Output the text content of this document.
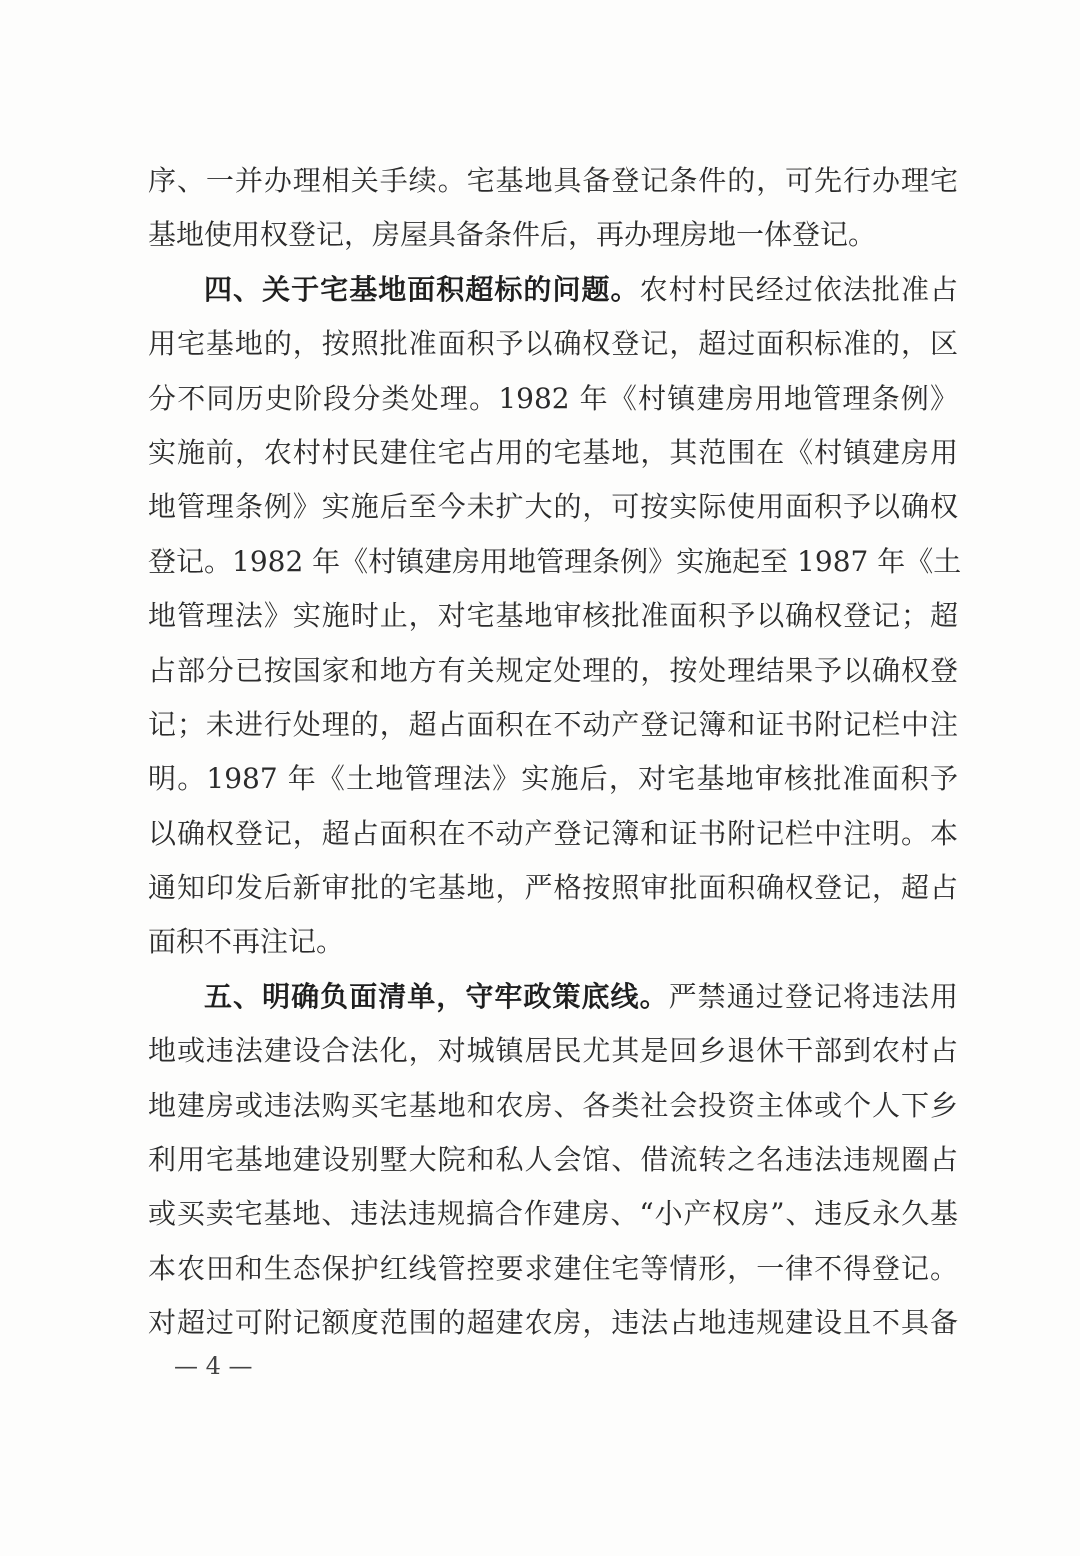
序、一并办理相关手续。宅基地具备登记条件的，可先行办理宅
基地使用权登记，房屋具备条件后，再办理房地一体登记。
四、关于宅基地面积超标的问题。农村村民经过依法批准占
用宅基地的，按照批准面积予以确权登记，超过面积标准的，区
分不同历史阶段分类处理。1982 年《村镇建房用地管理条例》
实施前，农村村民建住宅占用的宅基地，其范围在《村镇建房用
地管理条例》实施后至今未扩大的，可按实际使用面积予以确权
登记。1982 年《村镇建房用地管理条例》实施起至 1987 年《土
地管理法》实施时止，对宅基地审核批准面积予以确权登记；超
占部分已按国家和地方有关规定处理的，按处理结果予以确权登
记；未进行处理的，超占面积在不动产登记簿和证书附记栏中注
明。1987 年《土地管理法》实施后，对宅基地审核批准面积予
以确权登记，超占面积在不动产登记簿和证书附记栏中注明。本
通知印发后新审批的宅基地，严格按照审批面积确权登记，超占
面积不再注记。
五、明确负面清单，守牢政策底线。严禁通过登记将违法用
地或违法建设合法化，对城镇居民尤其是回乡退休干部到农村占
地建房或违法购买宅基地和农房、各类社会投资主体或个人下乡
利用宅基地建设别墅大院和私人会馆、借流转之名违法违规圈占
或买卖宅基地、违法违规搞合作建房、“小产权房”、违反永久基
本农田和生态保护红线管控要求建住宅等情形，一律不得登记。
对超过可附记额度范围的超建农房，违法占地违规建设且不具备
— 4 —
